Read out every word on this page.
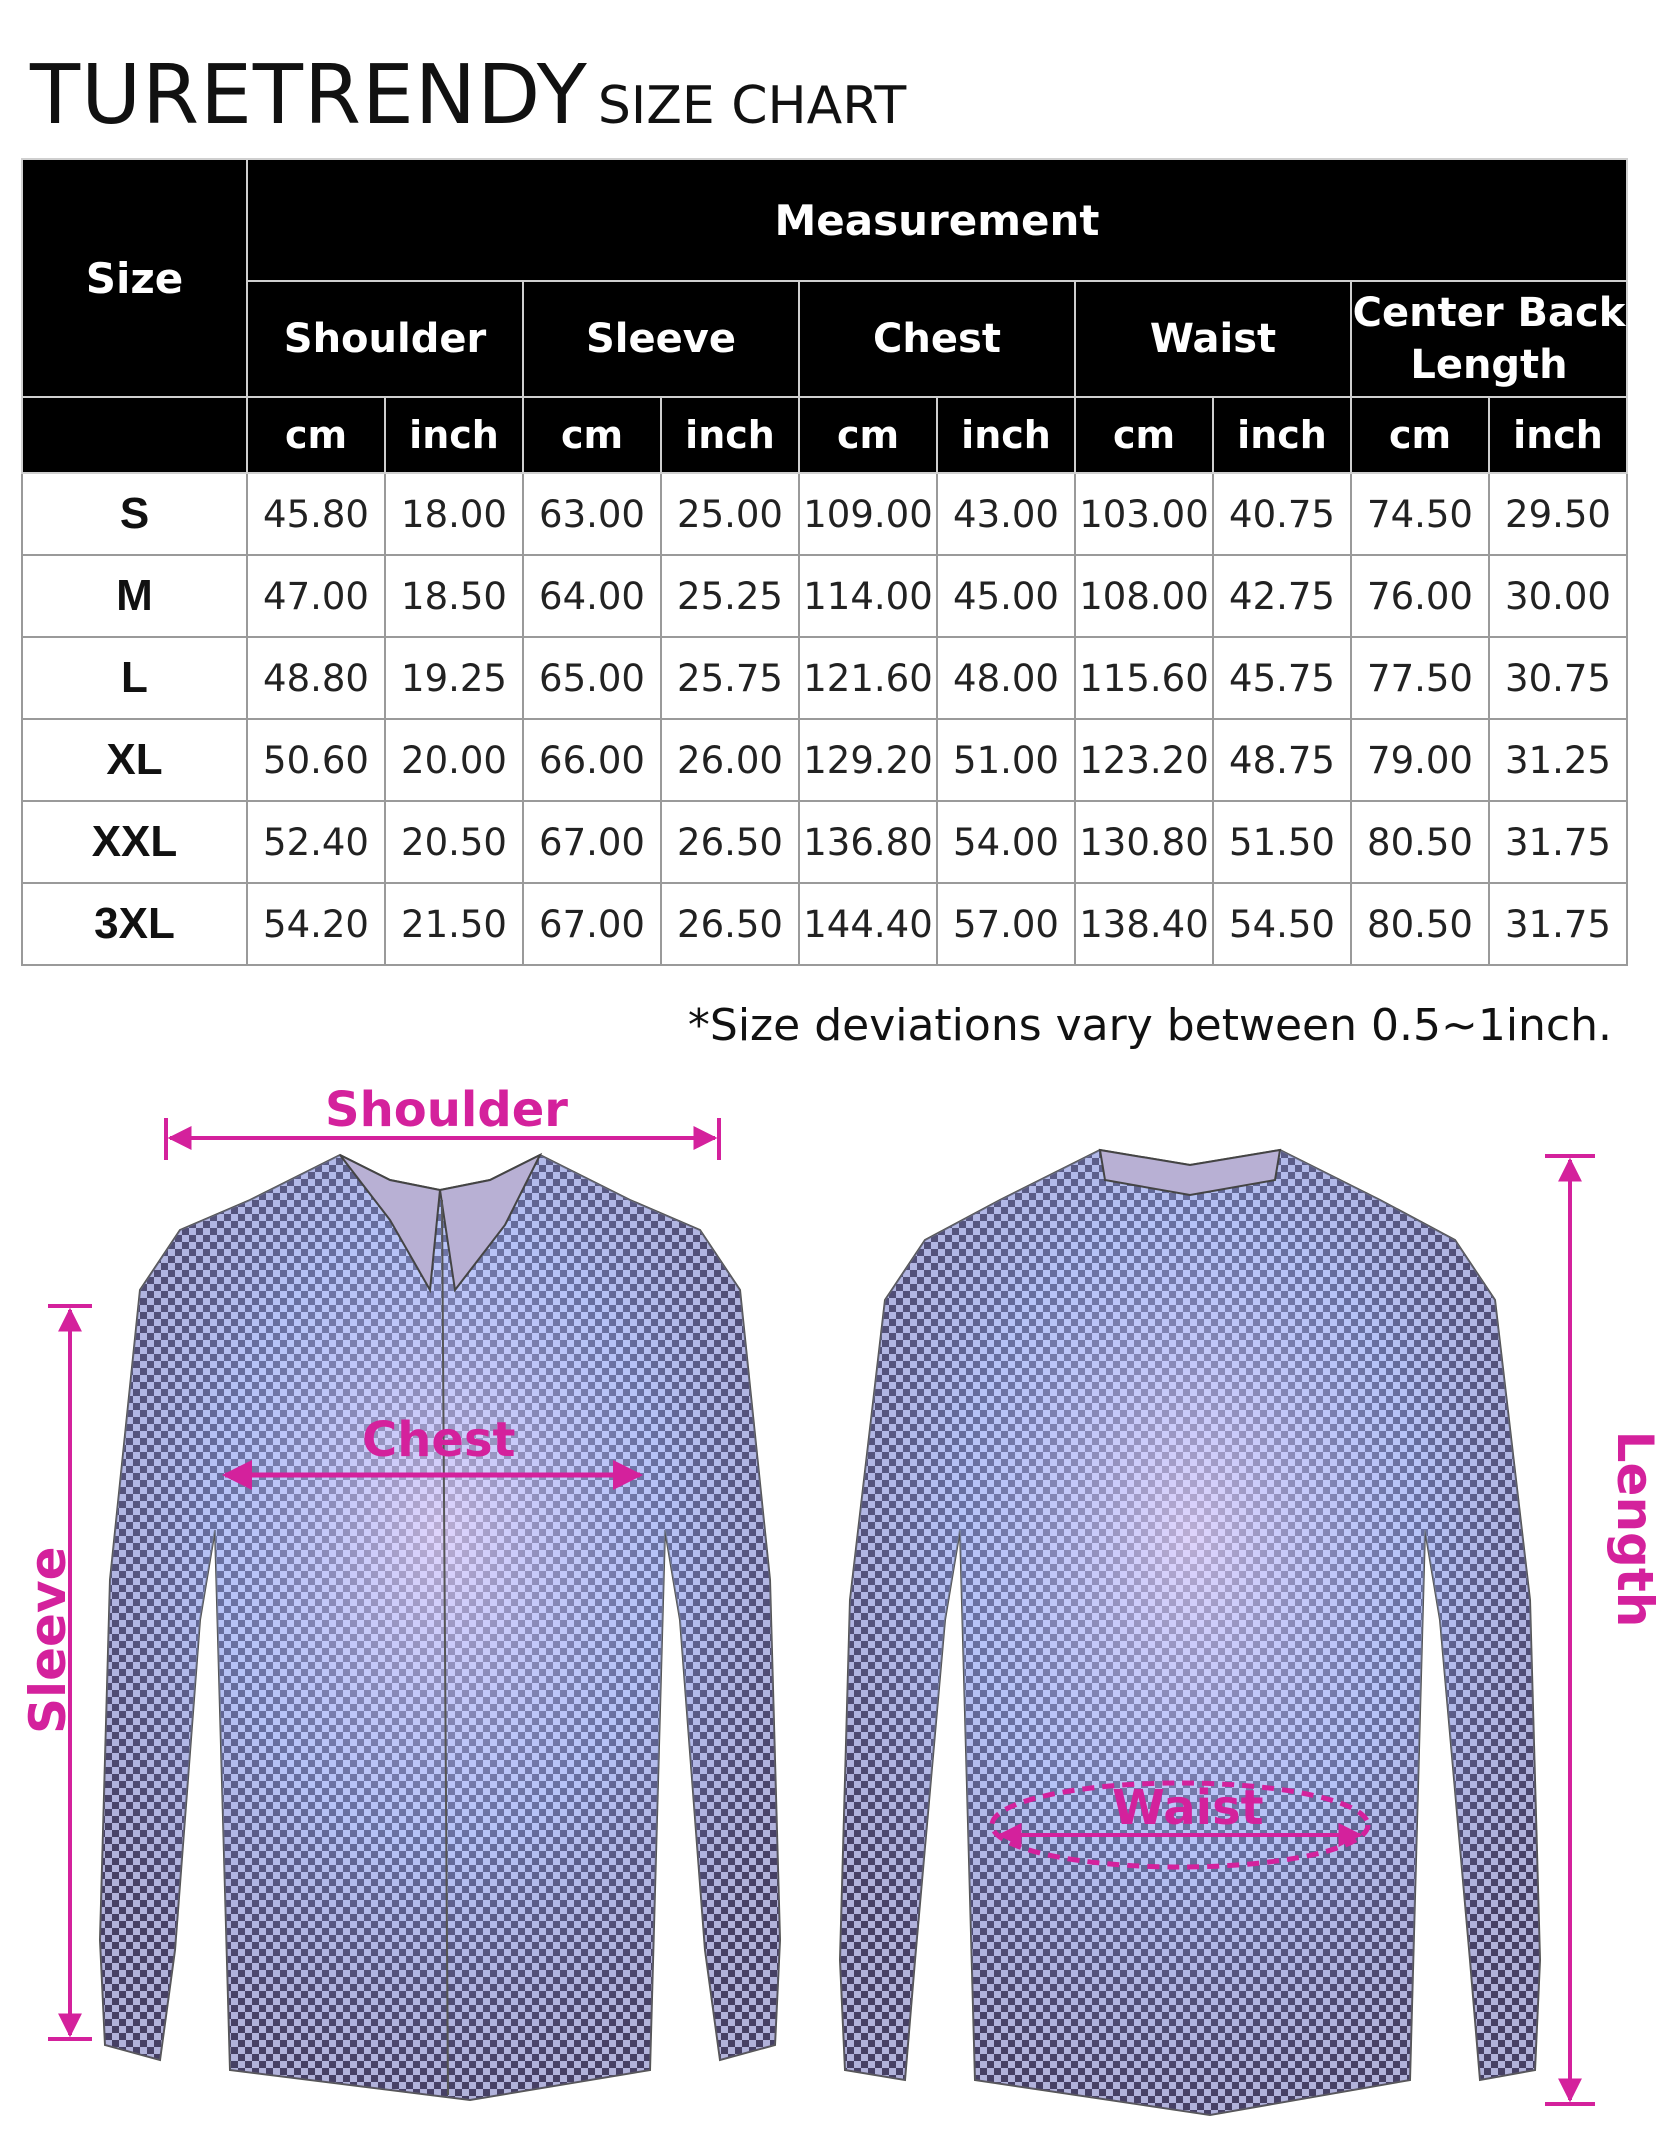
TURETRENDY SIZE CHART
Size	Measurement									
	Shoulder		Sleeve		Chest		Waist		Center Back Length	
	cm	inch	cm	inch	cm	inch	cm	inch	cm	inch
S	45.80	18.00	63.00	25.00	109.00	43.00	103.00	40.75	74.50	29.50
M	47.00	18.50	64.00	25.25	114.00	45.00	108.00	42.75	76.00	30.00
L	48.80	19.25	65.00	25.75	121.60	48.00	115.60	45.75	77.50	30.75
XL	50.60	20.00	66.00	26.00	129.20	51.00	123.20	48.75	79.00	31.25
XXL	52.40	20.50	67.00	26.50	136.80	54.00	130.80	51.50	80.50	31.75
3XL	54.20	21.50	67.00	26.50	144.40	57.00	138.40	54.50	80.50	31.75
*Size deviations vary between 0.5~1inch.
Shoulder
Chest
Sleeve
Waist
Length
